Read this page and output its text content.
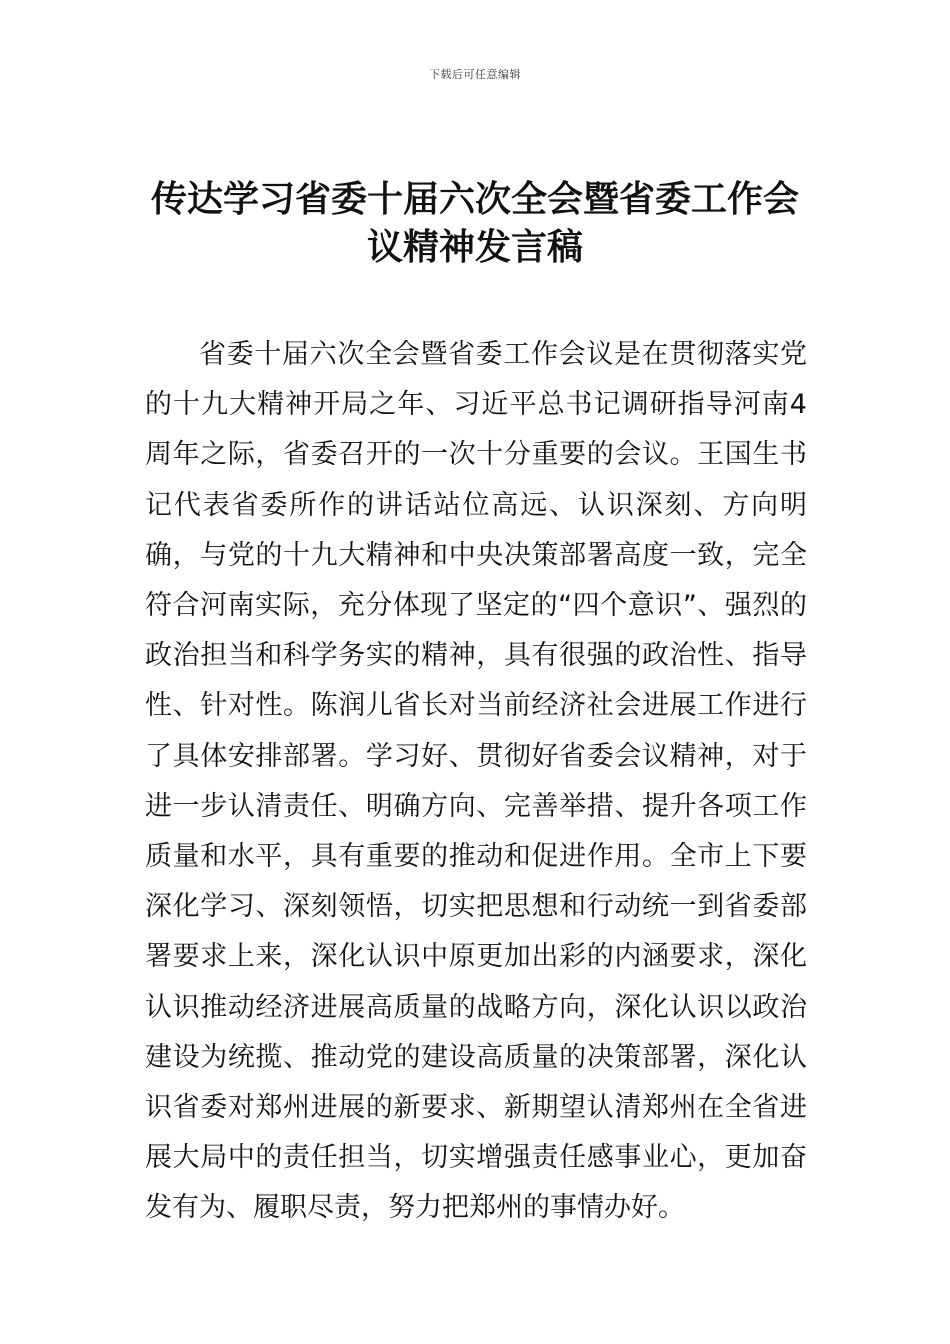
下载后可任意编辑
传达学习省委十届六次全会暨省委工作会议精神发言稿

省委十届六次全会暨省委工作会议是在贯彻落实党的十九大精神开局之年、习近平总书记调研指导河南4周年之际，省委召开的一次十分重要的会议。王国生书记代表省委所作的讲话站位高远、认识深刻、方向明确，与党的十九大精神和中央决策部署高度一致，完全符合河南实际，充分体现了坚定的“四个意识”、强烈的政治担当和科学务实的精神，具有很强的政治性、指导性、针对性。陈润儿省长对当前经济社会进展工作进行了具体安排部署。学习好、贯彻好省委会议精神，对于进一步认清责任、明确方向、完善举措、提升各项工作质量和水平，具有重要的推动和促进作用。全市上下要深化学习、深刻领悟，切实把思想和行动统一到省委部署要求上来，深化认识中原更加出彩的内涵要求，深化认识推动经济进展高质量的战略方向，深化认识以政治建设为统揽、推动党的建设高质量的决策部署，深化认识省委对郑州进展的新要求、新期望认清郑州在全省进展大局中的责任担当，切实增强责任感事业心，更加奋发有为、履职尽责，努力把郑州的事情办好。
